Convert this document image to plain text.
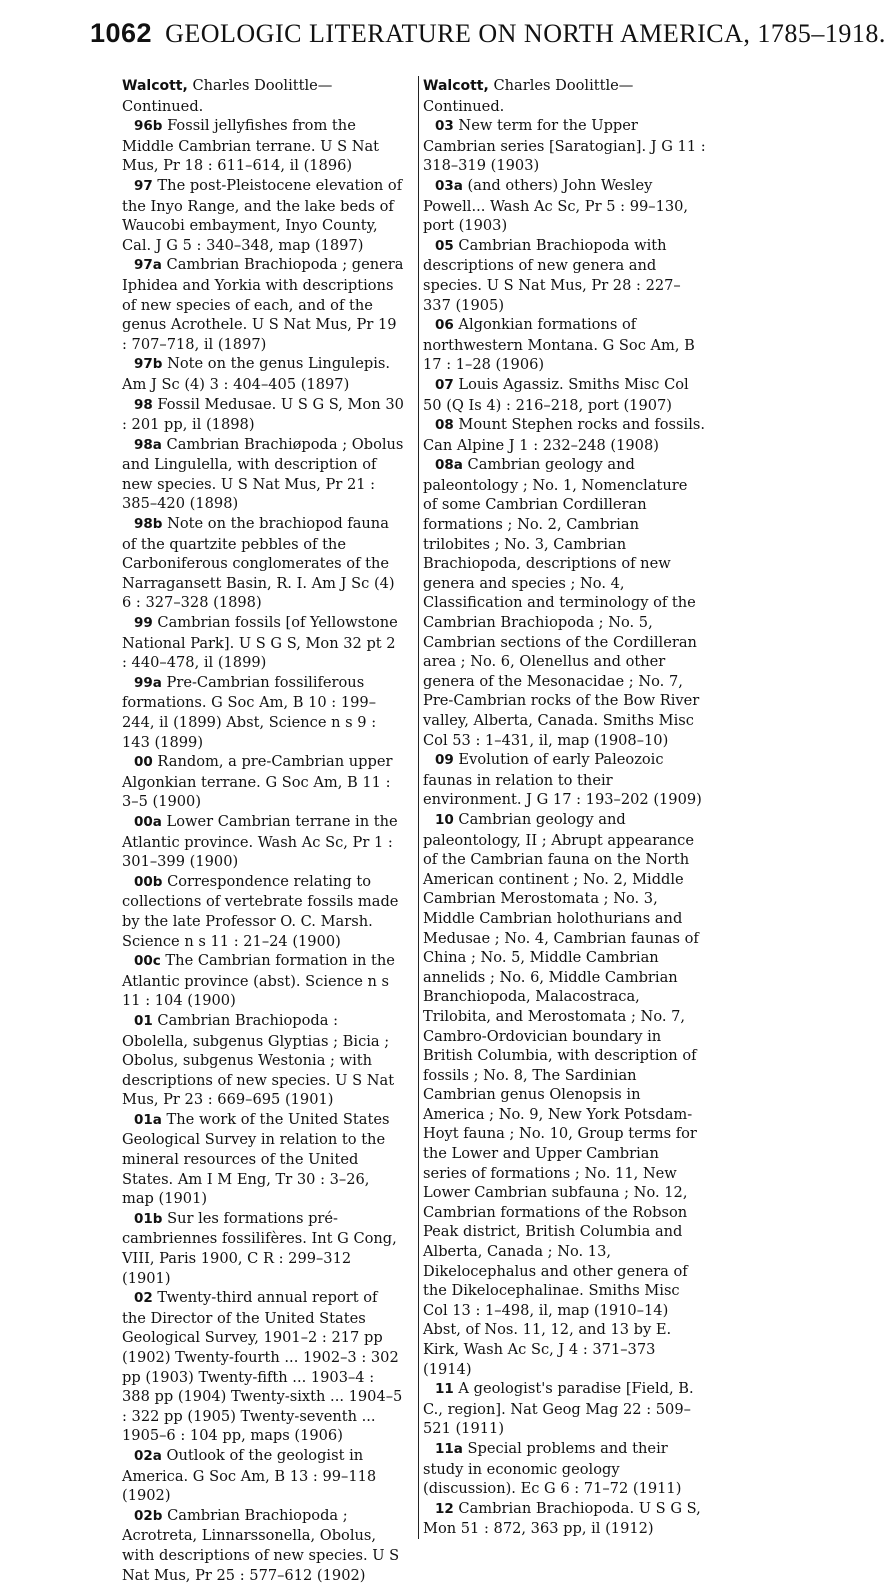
1062 GEOLOGIC LITERATURE ON NORTH AMERICA, 1785–1918.

Walcott, Charles Doolittle—Continued.

96b Fossil jellyfishes from the Middle Cambrian terrane. U S Nat Mus, Pr 18 : 611–614, il (1896)

97 The post-Pleistocene elevation of the Inyo Range, and the lake beds of Waucobi embayment, Inyo County, Cal. J G 5 : 340–348, map (1897)

97a Cambrian Brachiopoda ; genera Iphidea and Yorkia with descriptions of new species of each, and of the genus Acrothele. U S Nat Mus, Pr 19 : 707–718, il (1897)

97b Note on the genus Lingulepis. Am J Sc (4) 3 : 404–405 (1897)

98 Fossil Medusae. U S G S, Mon 30 : 201 pp, il (1898)

98a Cambrian Brachiøpoda ; Obolus and Lingulella, with description of new species. U S Nat Mus, Pr 21 : 385–420 (1898)

98b Note on the brachiopod fauna of the quartzite pebbles of the Carboniferous conglomerates of the Narragansett Basin, R. I. Am J Sc (4) 6 : 327–328 (1898)

99 Cambrian fossils [of Yellowstone National Park]. U S G S, Mon 32 pt 2 : 440–478, il (1899)

99a Pre-Cambrian fossiliferous formations. G Soc Am, B 10 : 199–244, il (1899) Abst, Science n s 9 : 143 (1899)

00 Random, a pre-Cambrian upper Algonkian terrane. G Soc Am, B 11 : 3–5 (1900)

00a Lower Cambrian terrane in the Atlantic province. Wash Ac Sc, Pr 1 : 301–399 (1900)

00b Correspondence relating to collections of vertebrate fossils made by the late Professor O. C. Marsh. Science n s 11 : 21–24 (1900)

00c The Cambrian formation in the Atlantic province (abst). Science n s 11 : 104 (1900)

01 Cambrian Brachiopoda : Obolella, subgenus Glyptias ; Bicia ; Obolus, subgenus Westonia ; with descriptions of new species. U S Nat Mus, Pr 23 : 669–695 (1901)

01a The work of the United States Geological Survey in relation to the mineral resources of the United States. Am I M Eng, Tr 30 : 3–26, map (1901)

01b Sur les formations pré-cambriennes fossilifères. Int G Cong, VIII, Paris 1900, C R : 299–312 (1901)

02 Twenty-third annual report of the Director of the United States Geological Survey, 1901–2 : 217 pp (1902) Twenty-fourth ... 1902–3 : 302 pp (1903) Twenty-fifth ... 1903–4 : 388 pp (1904) Twenty-sixth ... 1904–5 : 322 pp (1905) Twenty-seventh ... 1905–6 : 104 pp, maps (1906)

02a Outlook of the geologist in America. G Soc Am, B 13 : 99–118 (1902)

02b Cambrian Brachiopoda ; Acrotreta, Linnarssonella, Obolus, with descriptions of new species. U S Nat Mus, Pr 25 : 577–612 (1902)

Walcott, Charles Doolittle—Continued.

03 New term for the Upper Cambrian series [Saratogian]. J G 11 : 318–319 (1903)

03a (and others) John Wesley Powell... Wash Ac Sc, Pr 5 : 99–130, port (1903)

05 Cambrian Brachiopoda with descriptions of new genera and species. U S Nat Mus, Pr 28 : 227–337 (1905)

06 Algonkian formations of northwestern Montana. G Soc Am, B 17 : 1–28 (1906)

07 Louis Agassiz. Smiths Misc Col 50 (Q Is 4) : 216–218, port (1907)

08 Mount Stephen rocks and fossils. Can Alpine J 1 : 232–248 (1908)

08a Cambrian geology and paleontology ; No. 1, Nomenclature of some Cambrian Cordilleran formations ; No. 2, Cambrian trilobites ; No. 3, Cambrian Brachiopoda, descriptions of new genera and species ; No. 4, Classification and terminology of the Cambrian Brachiopoda ; No. 5, Cambrian sections of the Cordilleran area ; No. 6, Olenellus and other genera of the Mesonacidae ; No. 7, Pre-Cambrian rocks of the Bow River valley, Alberta, Canada. Smiths Misc Col 53 : 1–431, il, map (1908–10)

09 Evolution of early Paleozoic faunas in relation to their environment. J G 17 : 193–202 (1909)

10 Cambrian geology and paleontology, II ; Abrupt appearance of the Cambrian fauna on the North American continent ; No. 2, Middle Cambrian Merostomata ; No. 3, Middle Cambrian holothurians and Medusae ; No. 4, Cambrian faunas of China ; No. 5, Middle Cambrian annelids ; No. 6, Middle Cambrian Branchiopoda, Malacostraca, Trilobita, and Merostomata ; No. 7, Cambro-Ordovician boundary in British Columbia, with description of fossils ; No. 8, The Sardinian Cambrian genus Olenopsis in America ; No. 9, New York Potsdam-Hoyt fauna ; No. 10, Group terms for the Lower and Upper Cambrian series of formations ; No. 11, New Lower Cambrian subfauna ; No. 12, Cambrian formations of the Robson Peak district, British Columbia and Alberta, Canada ; No. 13, Dikelocephalus and other genera of the Dikelocephalinae. Smiths Misc Col 13 : 1–498, il, map (1910–14) Abst, of Nos. 11, 12, and 13 by E. Kirk, Wash Ac Sc, J 4 : 371–373 (1914)

11 A geologist's paradise [Field, B. C., region]. Nat Geog Mag 22 : 509–521 (1911)

11a Special problems and their study in economic geology (discussion). Ec G 6 : 71–72 (1911)

12 Cambrian Brachiopoda. U S G S, Mon 51 : 872, 363 pp, il (1912)
